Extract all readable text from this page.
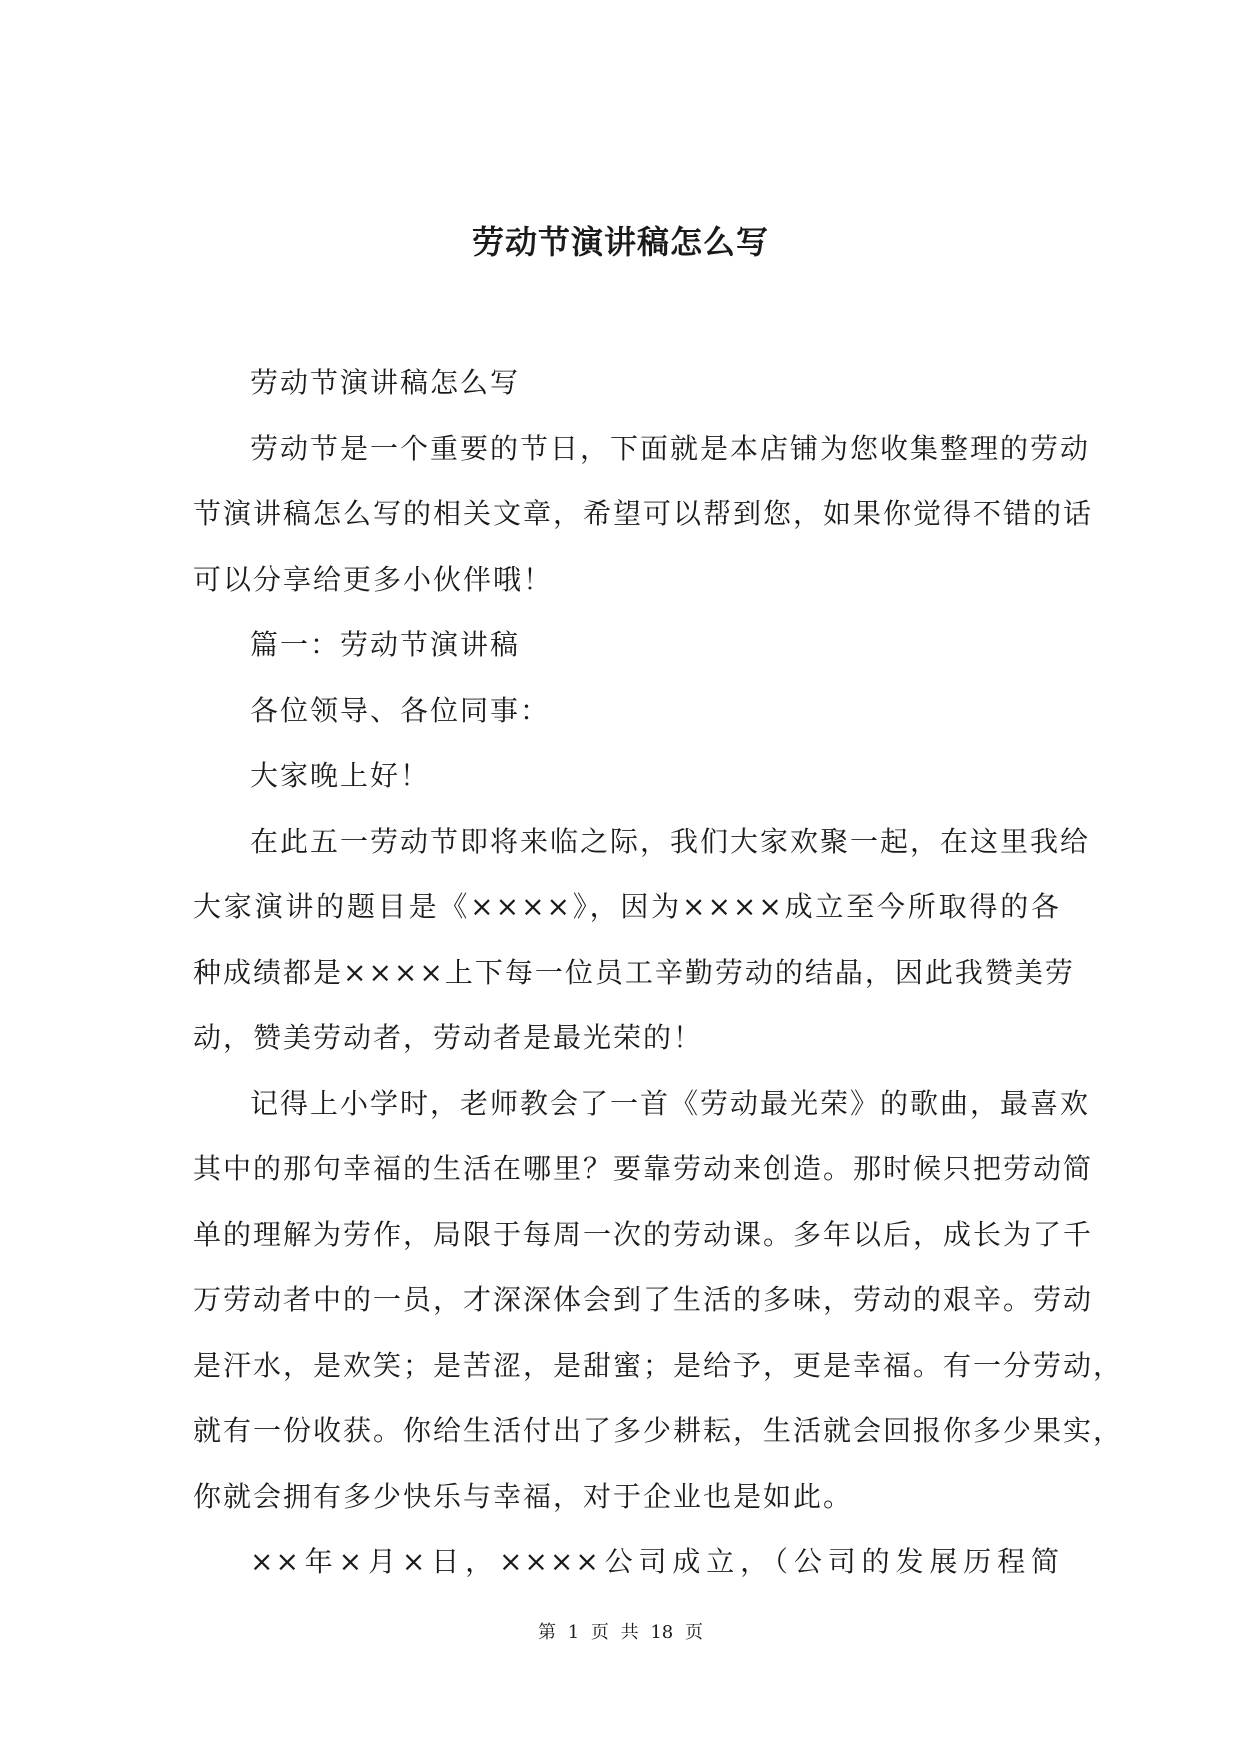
劳动节演讲稿怎么写
劳动节演讲稿怎么写
劳动节是一个重要的节日，下面就是本店铺为您收集整理的劳动
节演讲稿怎么写的相关文章，希望可以帮到您，如果你觉得不错的话
可以分享给更多小伙伴哦！
篇一：劳动节演讲稿
各位领导、各位同事：
大家晚上好！
在此五一劳动节即将来临之际，我们大家欢聚一起，在这里我给
大家演讲的题目是《××××》，因为××××成立至今所取得的各
种成绩都是××××上下每一位员工辛勤劳动的结晶，因此我赞美劳
动，赞美劳动者，劳动者是最光荣的！
记得上小学时，老师教会了一首《劳动最光荣》的歌曲，最喜欢
其中的那句幸福的生活在哪里？要靠劳动来创造。那时候只把劳动简
单的理解为劳作，局限于每周一次的劳动课。多年以后，成长为了千
万劳动者中的一员，才深深体会到了生活的多味，劳动的艰辛。劳动
是汗水，是欢笑；是苦涩，是甜蜜；是给予，更是幸福。有一分劳动，
就有一份收获。你给生活付出了多少耕耘，生活就会回报你多少果实，
你就会拥有多少快乐与幸福，对于企业也是如此。
××年×月×日，××××公司成立，（公司的发展历程简
第 1 页 共 18 页
